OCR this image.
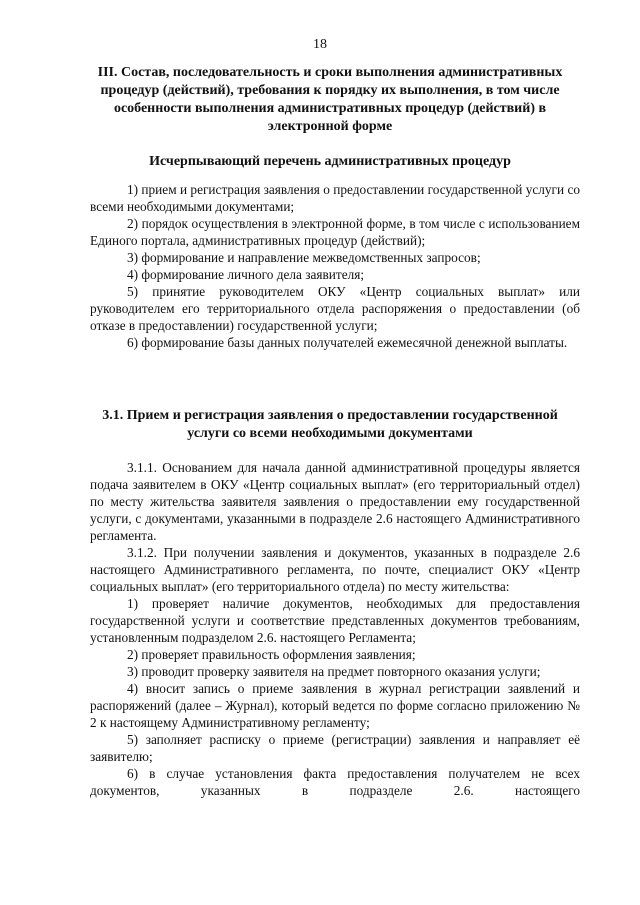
18
III. Состав, последовательность и сроки выполнения административных процедур (действий), требования к порядку их выполнения, в том числе особенности выполнения административных процедур (действий) в электронной форме
Исчерпывающий перечень административных процедур

1) прием и регистрация заявления о предоставлении государственной услуги со всеми необходимыми документами;

2) порядок осуществления в электронной форме, в том числе с использованием Единого портала, административных процедур (действий);

3) формирование и направление межведомственных запросов;

4) формирование личного дела заявителя;

5) принятие руководителем ОКУ «Центр социальных выплат» или руководителем его территориального отдела распоряжения о предоставлении (об отказе в предоставлении) государственной услуги;

6) формирование базы данных получателей ежемесячной денежной выплаты.

3.1. Прием и регистрация заявления о предоставлении государственной услуги со всеми необходимыми документами

3.1.1. Основанием для начала данной административной процедуры является подача заявителем в ОКУ «Центр социальных выплат» (его территориальный отдел) по месту жительства заявителя заявления о предоставлении ему государственной услуги, с документами, указанными в подразделе 2.6 настоящего Административного регламента.

3.1.2. При получении заявления и документов, указанных в подразделе 2.6 настоящего Административного регламента, по почте, специалист ОКУ «Центр социальных выплат» (его территориального отдела) по месту жительства:

1) проверяет наличие документов, необходимых для предоставления государственной услуги и соответствие представленных документов требованиям, установленным подразделом 2.6. настоящего Регламента;

2) проверяет правильность оформления заявления;

3) проводит проверку заявителя на предмет повторного оказания услуги;

4) вносит запись о приеме заявления в журнал регистрации заявлений и распоряжений (далее – Журнал), который ведется по форме согласно приложению № 2 к настоящему Административному регламенту;

5) заполняет расписку о приеме (регистрации) заявления и направляет её заявителю;

6) в случае установления факта предоставления получателем не всех документов, указанных в подразделе 2.6. настоящего
